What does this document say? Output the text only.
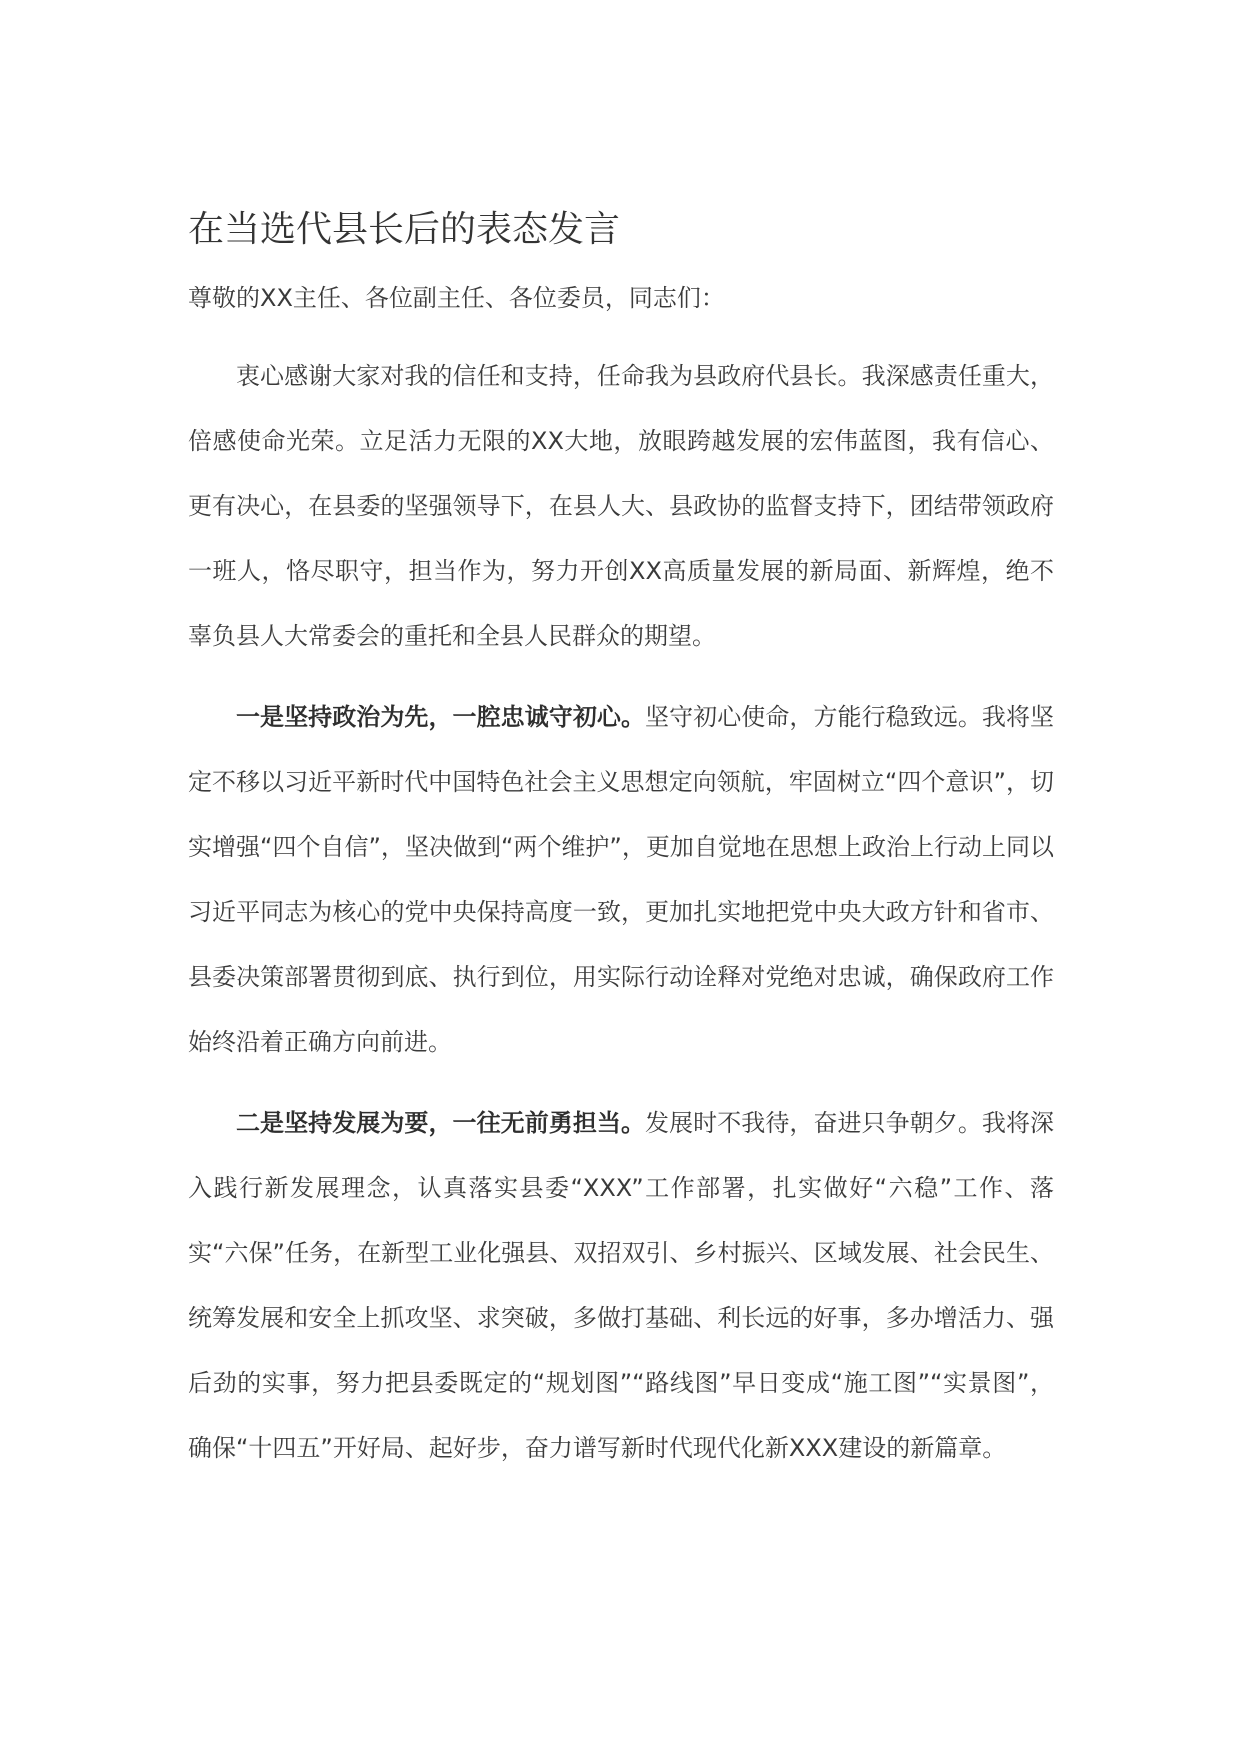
在当选代县长后的表态发言

尊敬的XX主任、各位副主任、各位委员，同志们：

衷心感谢大家对我的信任和支持，任命我为县政府代县长。我深感责任重大，倍感使命光荣。立足活力无限的XX大地，放眼跨越发展的宏伟蓝图，我有信心、更有决心，在县委的坚强领导下，在县人大、县政协的监督支持下，团结带领政府一班人，恪尽职守，担当作为，努力开创XX高质量发展的新局面、新辉煌，绝不辜负县人大常委会的重托和全县人民群众的期望。

一是坚持政治为先，一腔忠诚守初心。坚守初心使命，方能行稳致远。我将坚定不移以习近平新时代中国特色社会主义思想定向领航，牢固树立“四个意识”，切实增强“四个自信”，坚决做到“两个维护”，更加自觉地在思想上政治上行动上同以习近平同志为核心的党中央保持高度一致，更加扎实地把党中央大政方针和省市、县委决策部署贯彻到底、执行到位，用实际行动诠释对党绝对忠诚，确保政府工作始终沿着正确方向前进。

二是坚持发展为要，一往无前勇担当。发展时不我待，奋进只争朝夕。我将深入践行新发展理念，认真落实县委“XXX”工作部署，扎实做好“六稳”工作、落实“六保”任务，在新型工业化强县、双招双引、乡村振兴、区域发展、社会民生、统筹发展和安全上抓攻坚、求突破，多做打基础、利长远的好事，多办增活力、强后劲的实事，努力把县委既定的“规划图”“路线图”早日变成“施工图”“实景图”，确保“十四五”开好局、起好步，奋力谱写新时代现代化新XXX建设的新篇章。
